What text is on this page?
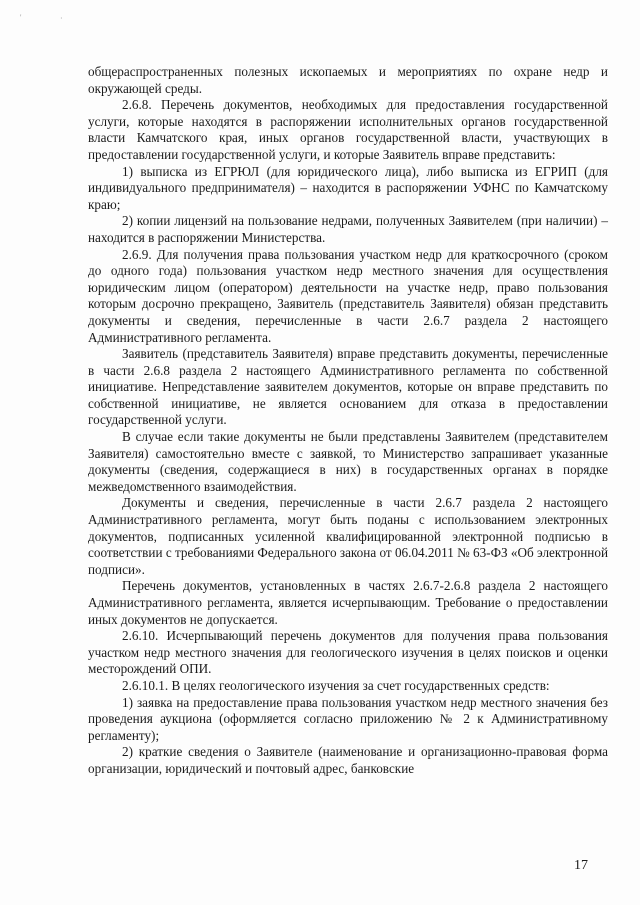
'	·

общераспространенных полезных ископаемых и мероприятиях по охране недр и окружающей среды.

2.6.8. Перечень документов, необходимых для предоставления государственной услуги, которые находятся в распоряжении исполнительных органов государственной власти Камчатского края, иных органов государственной власти, участвующих в предоставлении государственной услуги, и которые Заявитель вправе представить:

1) выписка из ЕГРЮЛ (для юридического лица), либо выписка из ЕГРИП (для индивидуального предпринимателя) – находится в распоряжении УФНС по Камчатскому краю;

2) копии лицензий на пользование недрами, полученных Заявителем (при наличии) – находится в распоряжении Министерства.

2.6.9. Для получения права пользования участком недр для краткосрочного (сроком до одного года) пользования участком недр местного значения для осуществления юридическим лицом (оператором) деятельности на участке недр, право пользования которым досрочно прекращено, Заявитель (представитель Заявителя) обязан представить документы и сведения, перечисленные в части 2.6.7 раздела 2 настоящего Административного регламента.

Заявитель (представитель Заявителя) вправе представить документы, перечисленные в части 2.6.8 раздела 2 настоящего Административного регламента по собственной инициативе. Непредставление заявителем документов, которые он вправе представить по собственной инициативе, не является основанием для отказа в предоставлении государственной услуги.

В случае если такие документы не были представлены Заявителем (представителем Заявителя) самостоятельно вместе с заявкой, то Министерство запрашивает указанные документы (сведения, содержащиеся в них) в государственных органах в порядке межведомственного взаимодействия.

Документы и сведения, перечисленные в части 2.6.7 раздела 2 настоящего Административного регламента, могут быть поданы с использованием электронных документов, подписанных усиленной квалифицированной электронной подписью в соответствии с требованиями Федерального закона от 06.04.2011 № 63-ФЗ «Об электронной подписи».

Перечень документов, установленных в частях 2.6.7-2.6.8 раздела 2 настоящего Административного регламента, является исчерпывающим. Требование о предоставлении иных документов не допускается.

2.6.10. Исчерпывающий перечень документов для получения права пользования участком недр местного значения для геологического изучения в целях поисков и оценки месторождений ОПИ.

2.6.10.1. В целях геологического изучения за счет государственных средств:

1) заявка на предоставление права пользования участком недр местного значения без проведения аукциона (оформляется согласно приложению № 2 к Административному регламенту);

2) краткие сведения о Заявителе (наименование и организационно-правовая форма организации, юридический и почтовый адрес, банковские

17
